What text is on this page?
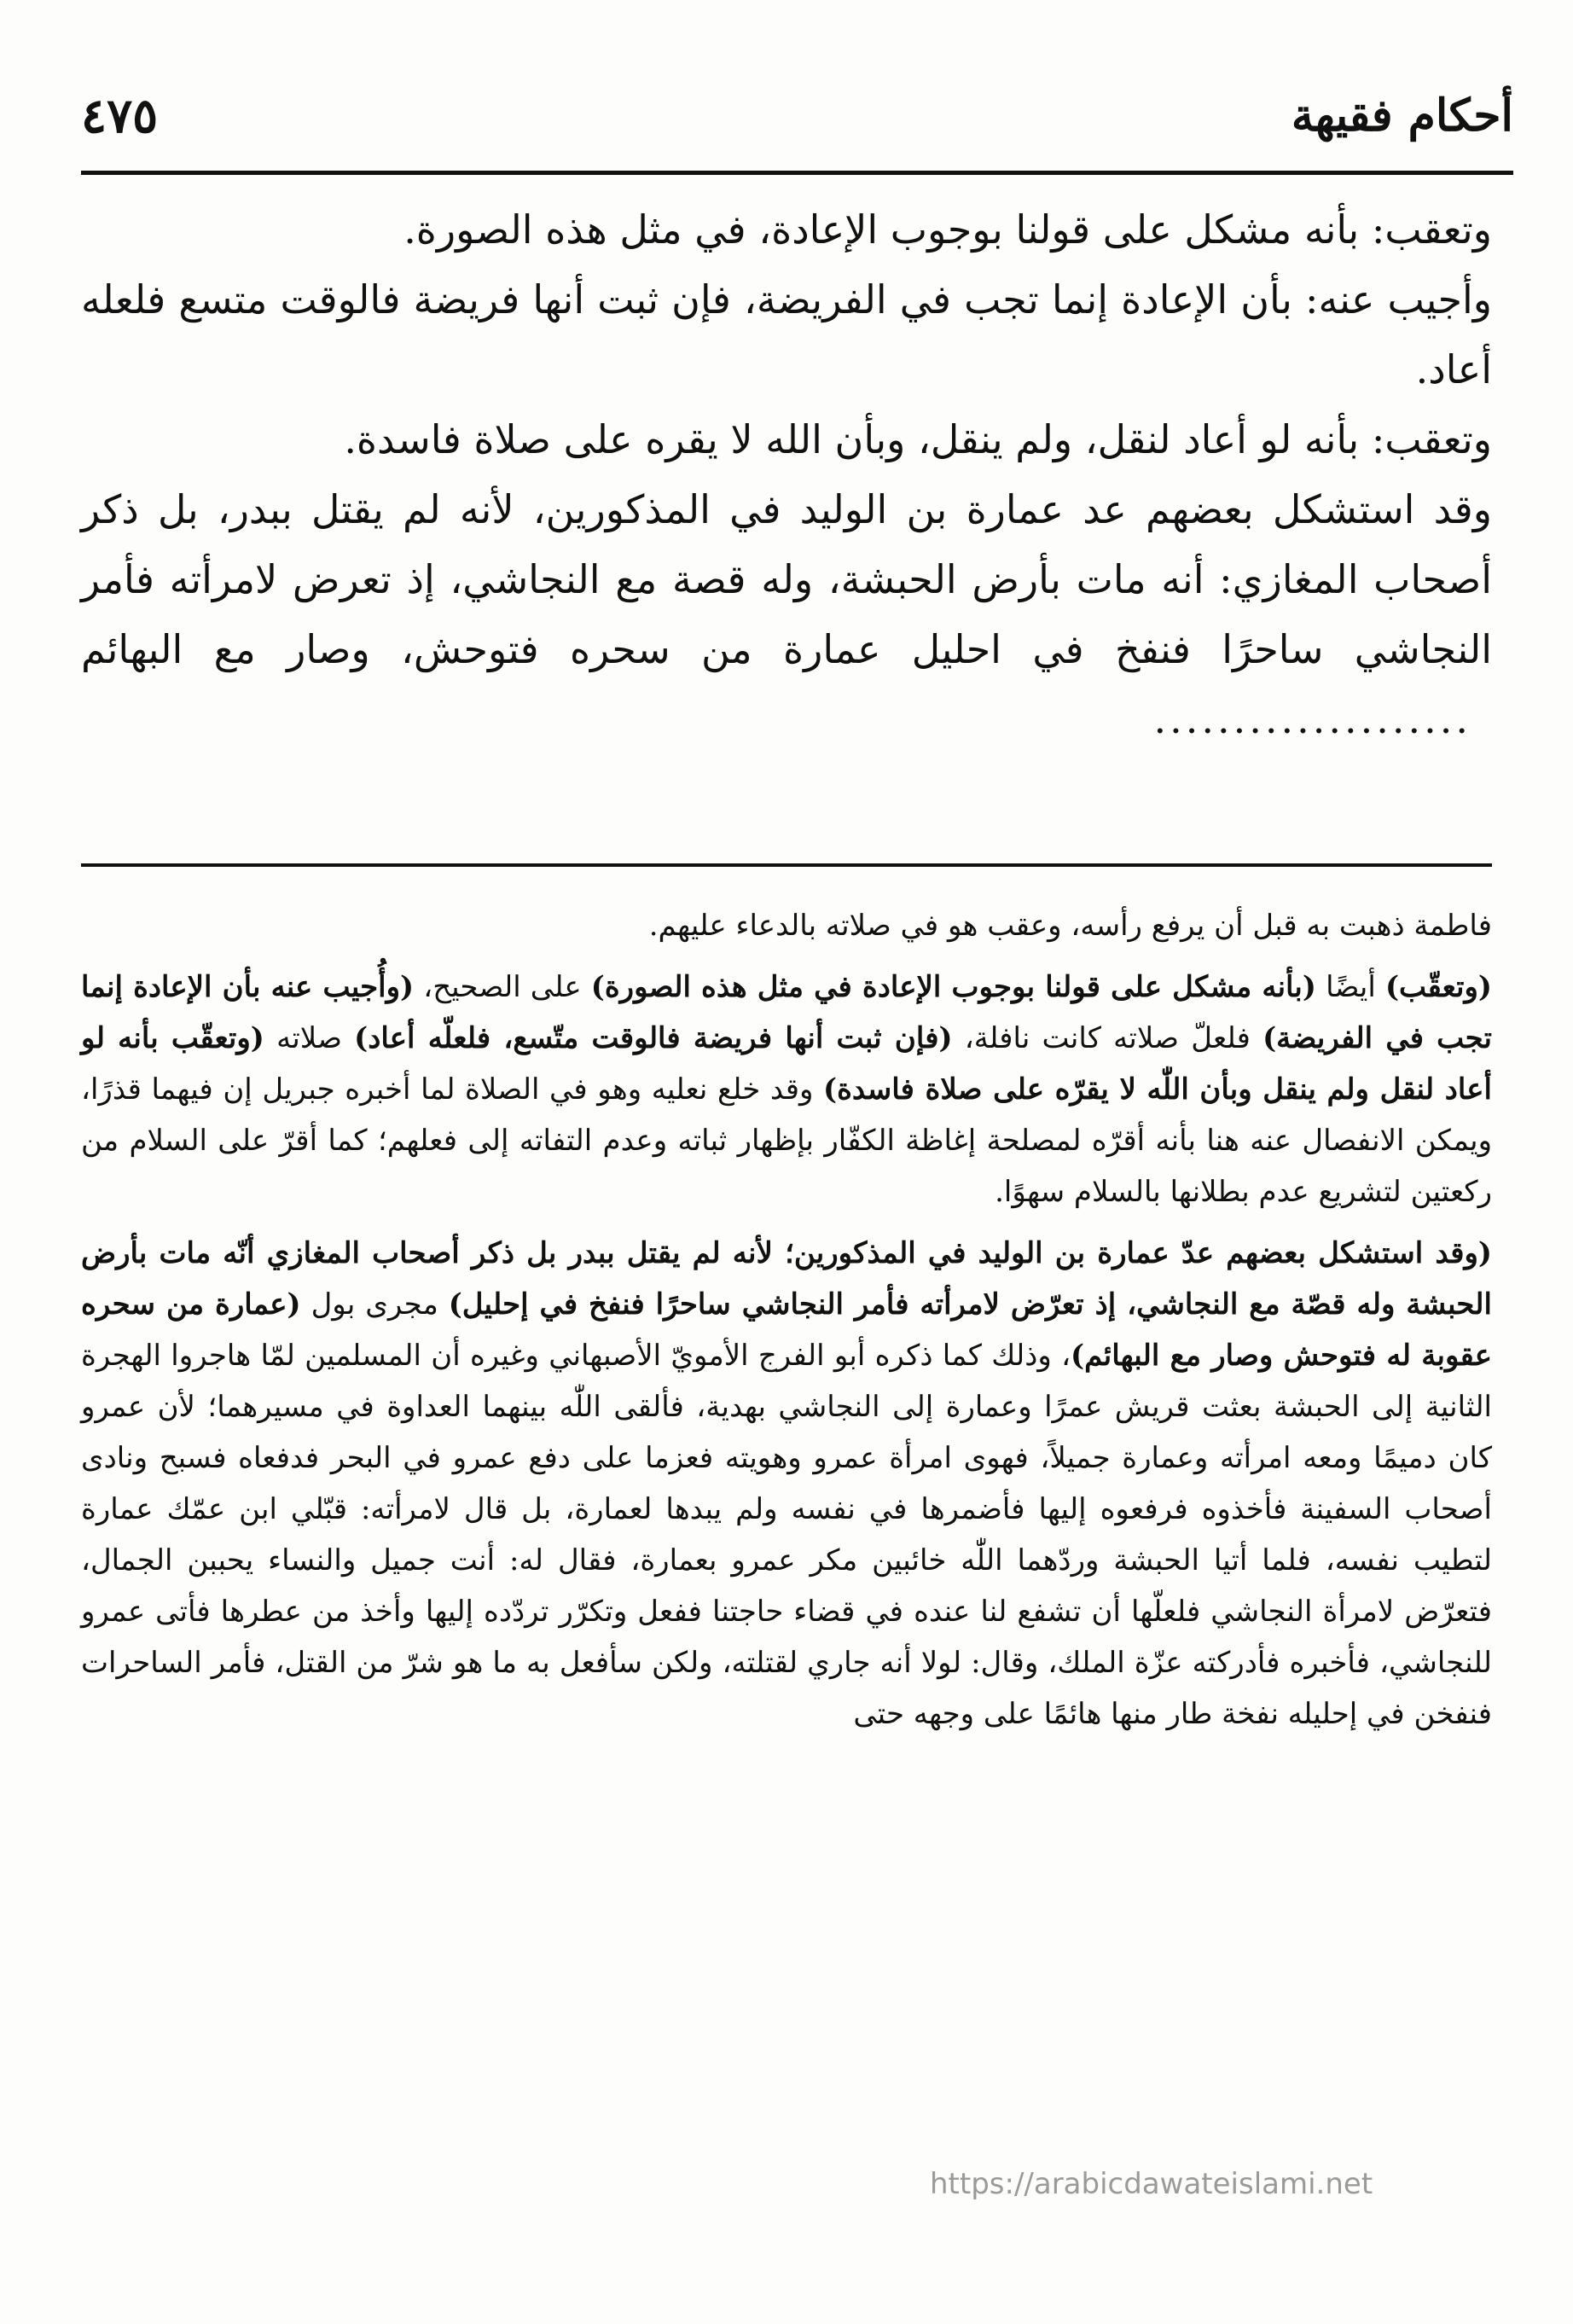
أحكام فقيهة
٤٧٥

وتعقب: بأنه مشكل على قولنا بوجوب الإعادة، في مثل هذه الصورة.

وأجيب عنه: بأن الإعادة إنما تجب في الفريضة، فإن ثبت أنها فريضة فالوقت متسع فلعله أعاد.

وتعقب: بأنه لو أعاد لنقل، ولم ينقل، وبأن الله لا يقره على صلاة فاسدة.

وقد استشكل بعضهم عد عمارة بن الوليد في المذكورين، لأنه لم يقتل ببدر، بل ذكر أصحاب المغازي: أنه مات بأرض الحبشة، وله قصة مع النجاشي، إذ تعرض لامرأته فأمر النجاشي ساحرًا فنفخ في احليل عمارة من سحره فتوحش، وصار مع البهائم....................

فاطمة ذهبت به قبل أن يرفع رأسه، وعقب هو في صلاته بالدعاء عليهم.

(وتعقّب) أيضًا (بأنه مشكل على قولنا بوجوب الإعادة في مثل هذه الصورة) على الصحيح، (وأُجيب عنه بأن الإعادة إنما تجب في الفريضة) فلعلّ صلاته كانت نافلة، (فإن ثبت أنها فريضة فالوقت متّسع، فلعلّه أعاد) صلاته (وتعقّب بأنه لو أعاد لنقل ولم ينقل وبأن اللّٰه لا يقرّه على صلاة فاسدة) وقد خلع نعليه وهو في الصلاة لما أخبره جبريل إن فيهما قذرًا، ويمكن الانفصال عنه هنا بأنه أقرّه لمصلحة إغاظة الكفّار بإظهار ثباته وعدم التفاته إلى فعلهم؛ كما أقرّ على السلام من ركعتين لتشريع عدم بطلانها بالسلام سهوًا.

(وقد استشكل بعضهم عدّ عمارة بن الوليد في المذكورين؛ لأنه لم يقتل ببدر بل ذكر أصحاب المغازي أنّه مات بأرض الحبشة وله قصّة مع النجاشي، إذ تعرّض لامرأته فأمر النجاشي ساحرًا فنفخ في إحليل) مجرى بول (عمارة من سحره عقوبة له فتوحش وصار مع البهائم)، وذلك كما ذكره أبو الفرج الأمويّ الأصبهاني وغيره أن المسلمين لمّا هاجروا الهجرة الثانية إلى الحبشة بعثت قريش عمرًا وعمارة إلى النجاشي بهدية، فألقى اللّٰه بينهما العداوة في مسيرهما؛ لأن عمرو كان دميمًا ومعه امرأته وعمارة جميلاً، فهوى امرأة عمرو وهويته فعزما على دفع عمرو في البحر فدفعاه فسبح ونادى أصحاب السفينة فأخذوه فرفعوه إليها فأضمرها في نفسه ولم يبدها لعمارة، بل قال لامرأته: قبّلي ابن عمّك عمارة لتطيب نفسه، فلما أتيا الحبشة وردّهما اللّٰه خائبين مكر عمرو بعمارة، فقال له: أنت جميل والنساء يحببن الجمال، فتعرّض لامرأة النجاشي فلعلّها أن تشفع لنا عنده في قضاء حاجتنا ففعل وتكرّر تردّده إليها وأخذ من عطرها فأتى عمرو للنجاشي، فأخبره فأدركته عزّة الملك، وقال: لولا أنه جاري لقتلته، ولكن سأفعل به ما هو شرّ من القتل، فأمر الساحرات فنفخن في إحليله نفخة طار منها هائمًا على وجهه حتى

https://arabicdawateislami.net
